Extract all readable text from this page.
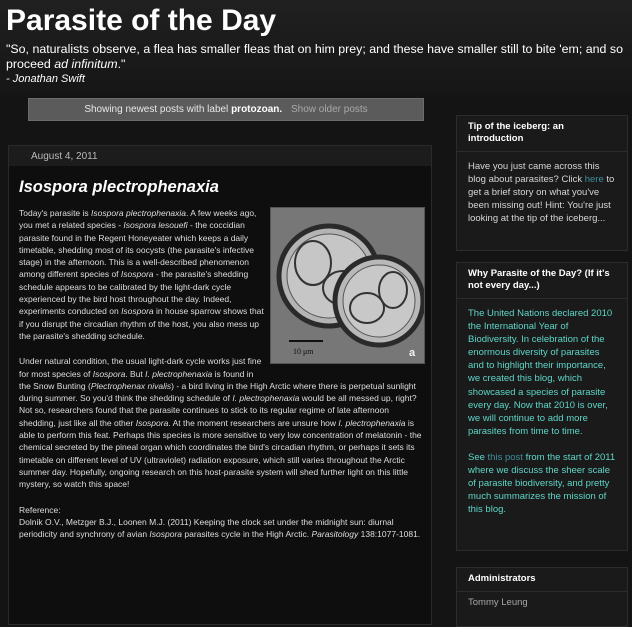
Parasite of the Day
"So, naturalists observe, a flea has smaller fleas that on him prey; and these have smaller still to bite 'em; and so proceed ad infinitum."
- Jonathan Swift
Showing newest posts with label protozoan. Show older posts
August 4, 2011
Isospora plectrophenaxia
10 μm	a

Today's parasite is Isospora plectrophenaxia. A few weeks ago, you met a related species - Isospora lesouefi - the coccidian parasite found in the Regent Honeyeater which keeps a daily timetable, shedding most of its oocysts (the parasite's infective stage) in the afternoon. This is a well-described phenomenon among different species of Isospora - the parasite's shedding schedule appears to be calibrated by the light-dark cycle experienced by the bird host throughout the day. Indeed, experiments conducted on Isospora in house sparrow shows that if you disrupt the circadian rhythm of the host, you also mess up the parasite's shedding schedule.

Under natural condition, the usual light-dark cycle works just fine for most species of Isospora. But I. plectrophenaxia is found in the Snow Bunting (Plectrophenax nivalis) - a bird living in the High Arctic where there is perpetual sunlight during summer. So you'd think the shedding schedule of I. plectrophenaxia would be all messed up, right? Not so, researchers found that the parasite continues to stick to its regular regime of late afternoon shedding, just like all the other Isospora. At the moment researchers are unsure how I. plectrophenaxia is able to perform this feat. Perhaps this species is more sensitive to very low concentration of melatonin - the chemical secreted by the pineal organ which coordinates the bird's circadian rhythm, or perhaps it sets its timetable on different level of UV (ultraviolet) radiation exposure, which still varies throughout the Arctic summer day. Hopefully, ongoing research on this host-parasite system will shed further light on this little mystery, so watch this space!

Reference:
Dolnik O.V., Metzger B.J., Loonen M.J. (2011) Keeping the clock set under the midnight sun: diurnal periodicity and synchrony of avian Isospora parasites cycle in the High Arctic. Parasitology 138:1077-1081.

Tip of the iceberg: an introduction
Have you just came across this blog about parasites? Click here to get a brief story on what you've been missing out! Hint: You're just looking at the tip of the iceberg...
Why Parasite of the Day? (If it's not every day...)

The United Nations declared 2010 the International Year of Biodiversity. In celebration of the enormous diversity of parasites and to highlight their importance, we created this blog, which showcased a species of parasite every day. Now that 2010 is over, we will continue to add more parasites from time to time.

See this post from the start of 2011 where we discuss the sheer scale of parasite biodiversity, and pretty much summarizes the mission of this blog.

Administrators
Tommy Leung
